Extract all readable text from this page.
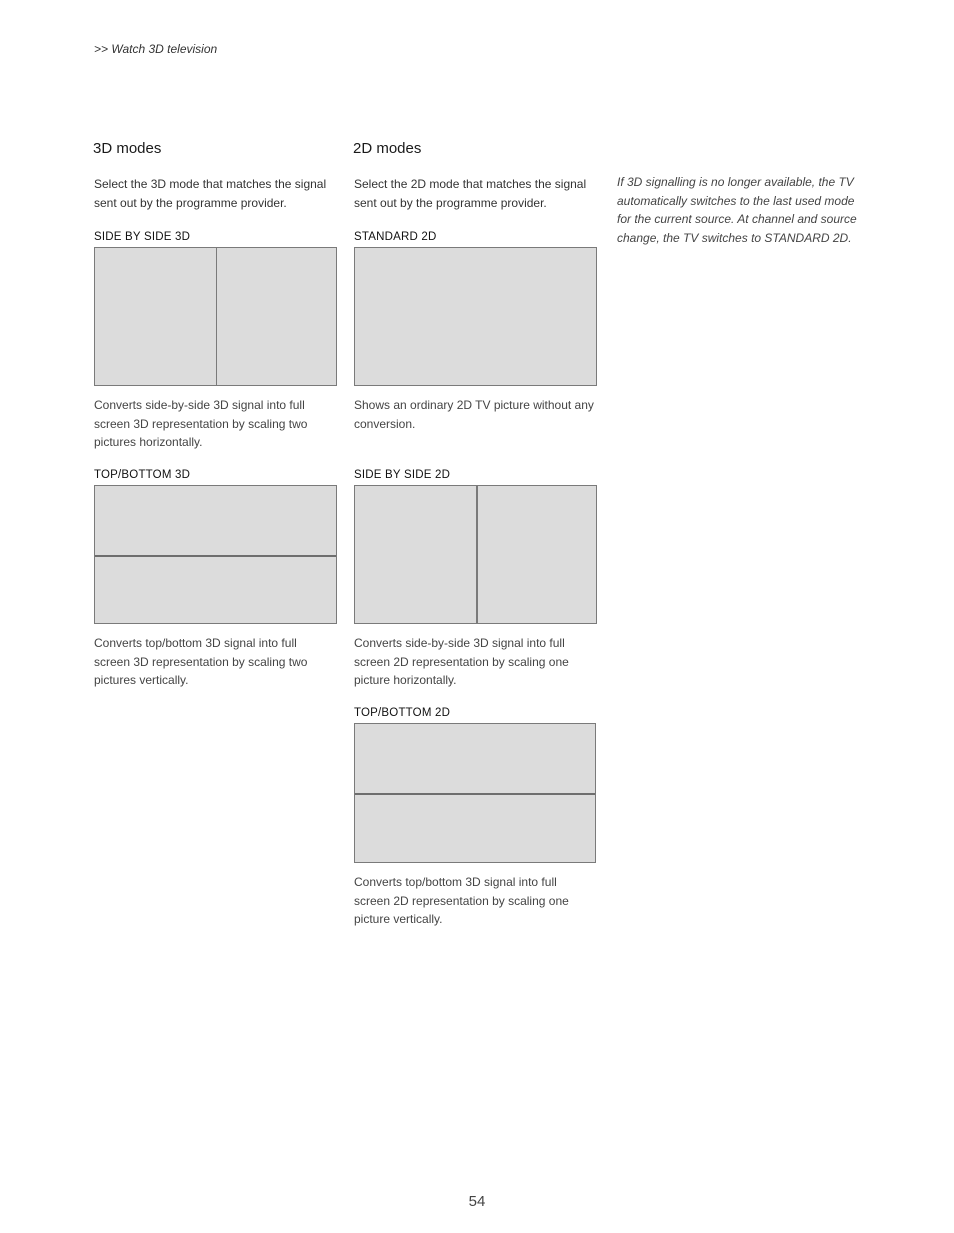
>> Watch 3D television
3D modes
Select the 3D mode that matches the signal sent out by the programme provider.
SIDE BY SIDE 3D
Converts side-by-side 3D signal into full screen 3D representation by scaling two pictures horizontally.
TOP/BOTTOM 3D
Converts top/bottom 3D signal into full screen 3D representation by scaling two pictures vertically.
2D modes
Select the 2D mode that matches the signal sent out by the programme provider.
STANDARD 2D
Shows an ordinary 2D TV picture without any conversion.
SIDE BY SIDE 2D
Converts side-by-side 3D signal into full screen 2D representation by scaling one picture horizontally.
TOP/BOTTOM 2D
Converts top/bottom 3D signal into full screen 2D representation by scaling one picture vertically.
If 3D signalling is no longer available, the TV automatically switches to the last used mode for the current source. At channel and source change, the TV switches to STANDARD 2D.
54
